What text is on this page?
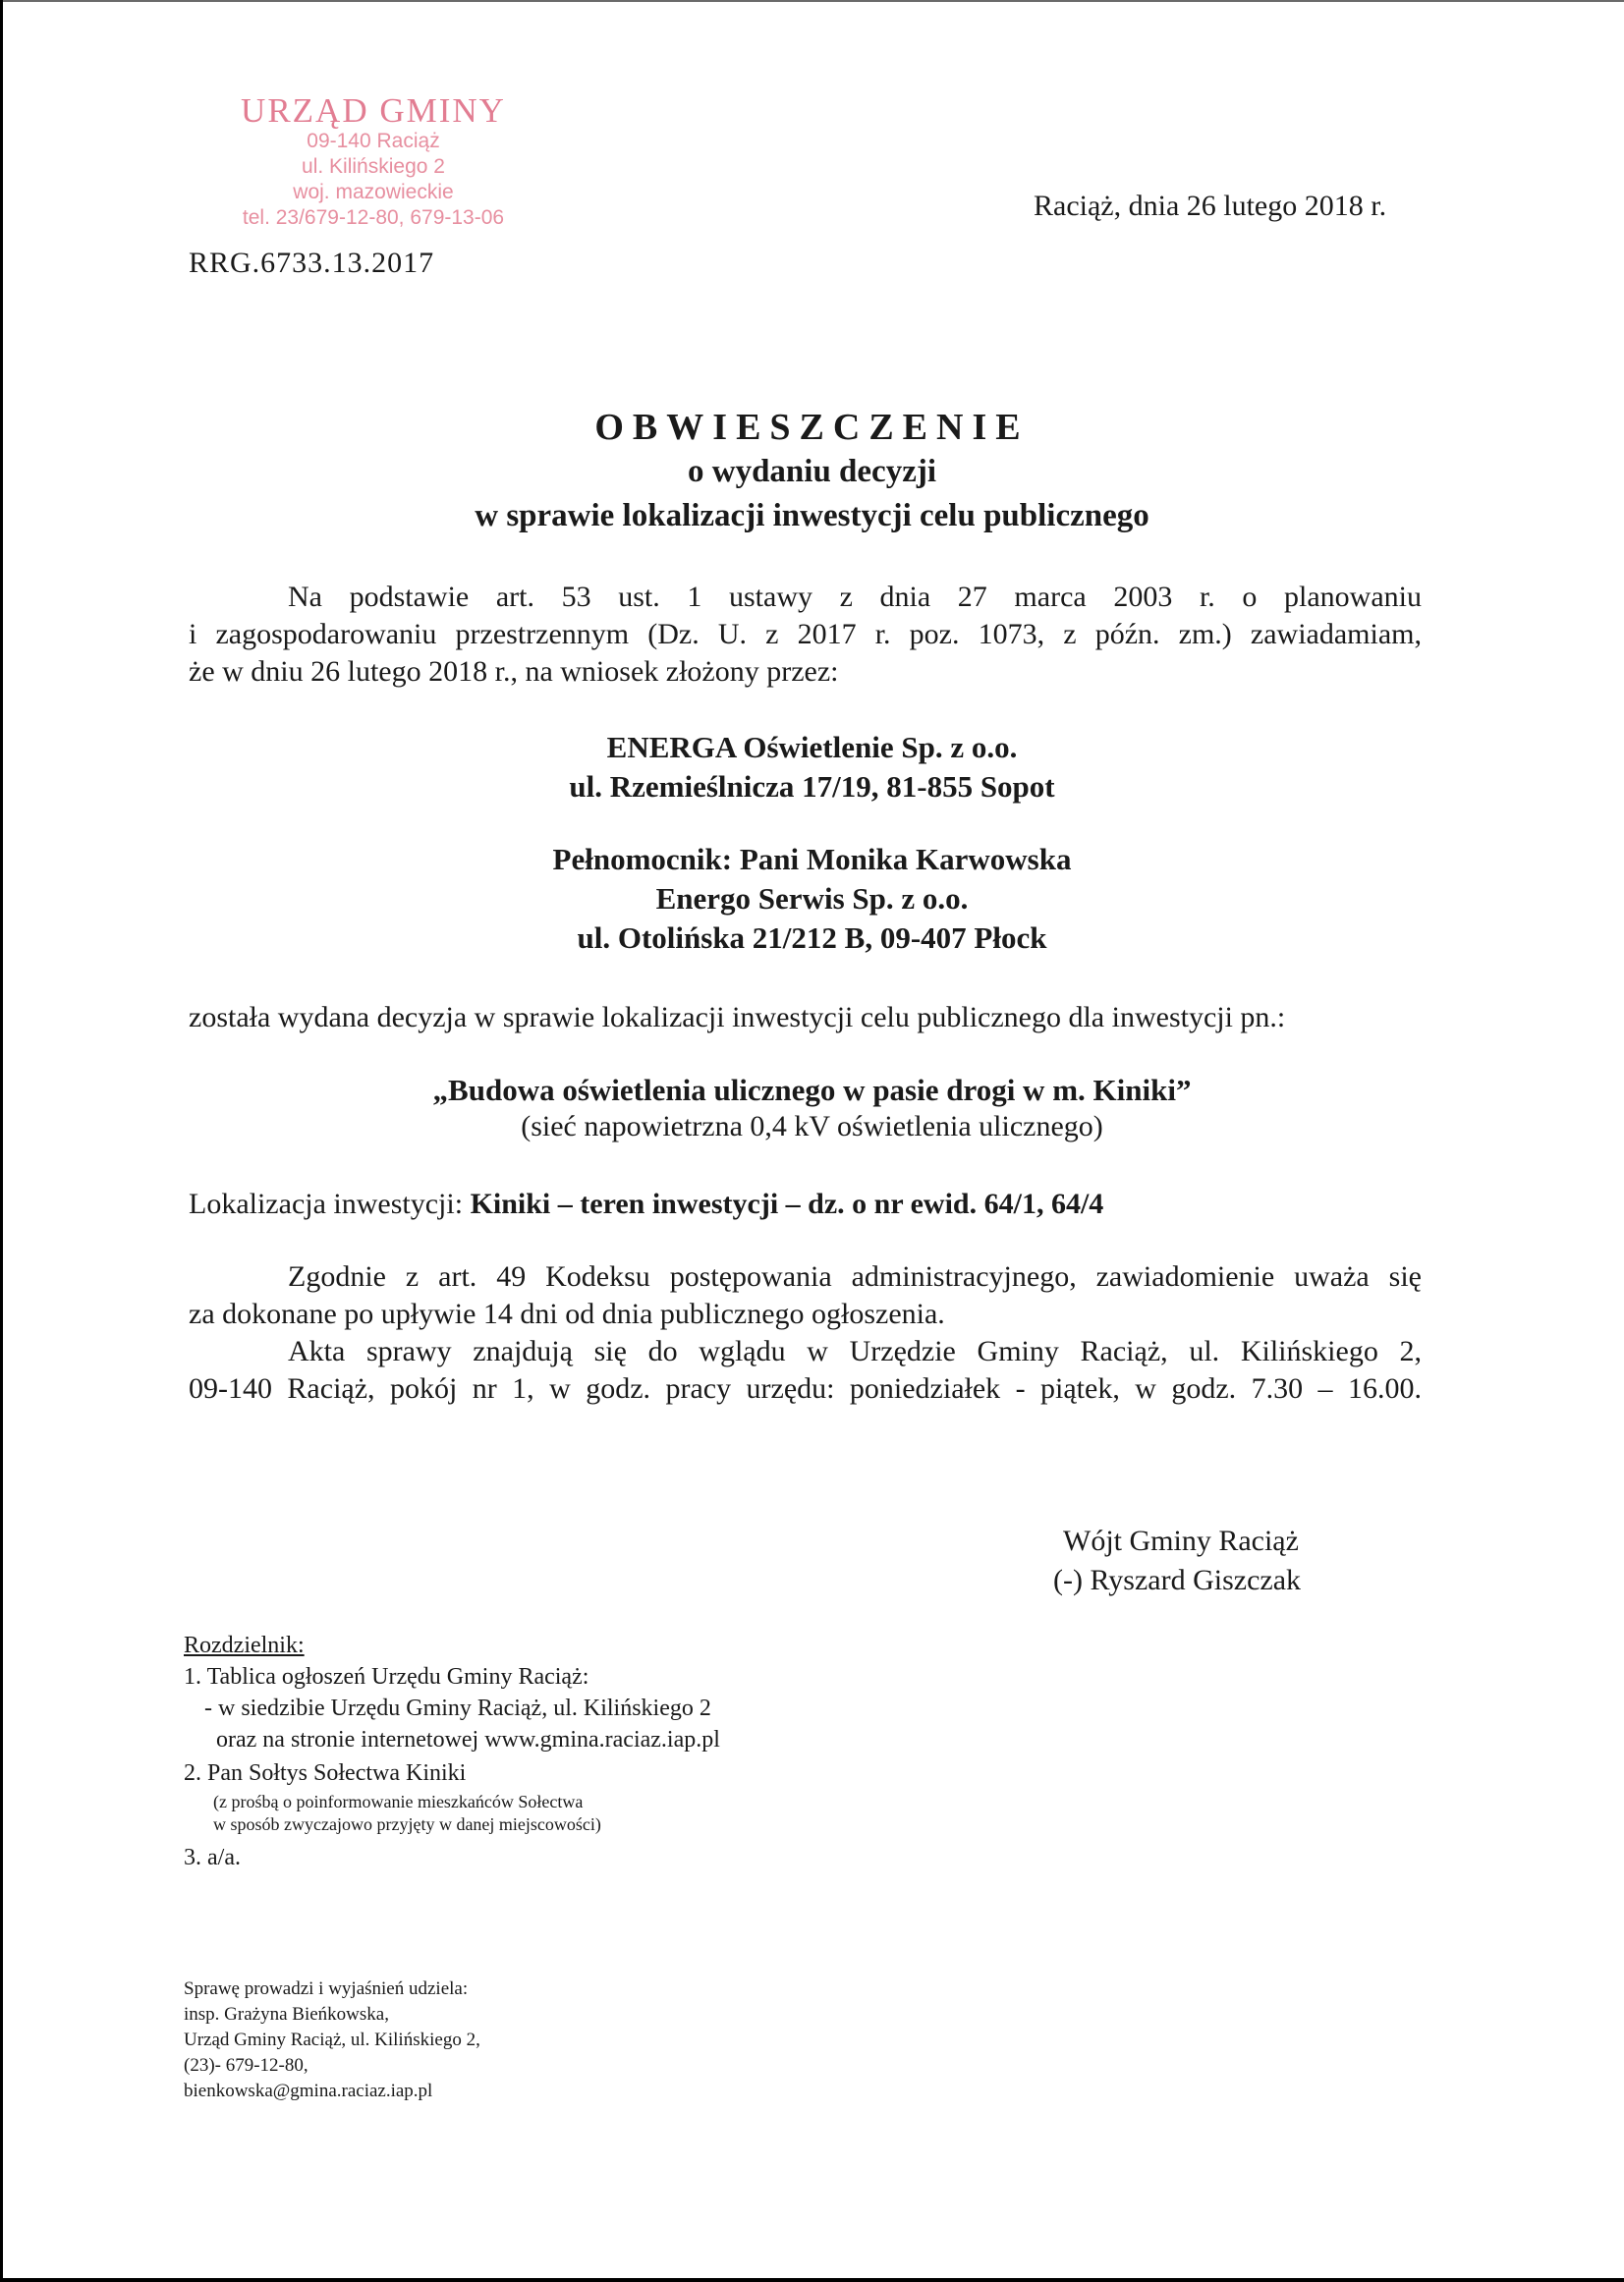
URZĄD GMINY
09-140 Raciąż
ul. Kilińskiego 2
woj. mazowieckie
tel. 23/679-12-80, 679-13-06	Raciąż, dnia 26 lutego 2018 r.
RRG.6733.13.2017
OBWIESZCZENIE
o wydaniu decyzji
w sprawie lokalizacji inwestycji celu publicznego
Na podstawie art. 53 ust. 1 ustawy z dnia 27 marca 2003 r. o planowaniu
i zagospodarowaniu przestrzennym (Dz. U. z 2017 r. poz. 1073, z późn. zm.) zawiadamiam,
że w dniu 26 lutego 2018 r., na wniosek złożony przez:
ENERGA Oświetlenie Sp. z o.o.
ul. Rzemieślnicza 17/19, 81-855 Sopot
Pełnomocnik: Pani Monika Karwowska
Energo Serwis Sp. z o.o.
ul. Otolińska 21/212 B, 09-407 Płock
została wydana decyzja w sprawie lokalizacji inwestycji celu publicznego dla inwestycji pn.:
„Budowa oświetlenia ulicznego w pasie drogi w m. Kiniki”
(sieć napowietrzna 0,4 kV oświetlenia ulicznego)
Lokalizacja inwestycji: Kiniki – teren inwestycji – dz. o nr ewid. 64/1, 64/4
Zgodnie z art. 49 Kodeksu postępowania administracyjnego, zawiadomienie uważa się
za dokonane po upływie 14 dni od dnia publicznego ogłoszenia.
Akta sprawy znajdują się do wglądu w Urzędzie Gminy Raciąż, ul. Kilińskiego 2,
09-140 Raciąż, pokój nr 1, w godz. pracy urzędu: poniedziałek - piątek, w godz. 7.30 – 16.00.
Wójt Gminy Raciąż
(-) Ryszard Giszczak
Rozdzielnik:
1. Tablica ogłoszeń Urzędu Gminy Raciąż:
- w siedzibie Urzędu Gminy Raciąż, ul. Kilińskiego 2
oraz na stronie internetowej www.gmina.raciaz.iap.pl
2. Pan Sołtys Sołectwa Kiniki
(z prośbą o poinformowanie mieszkańców Sołectwa
w sposób zwyczajowo przyjęty w danej miejscowości)
3. a/a.
Sprawę prowadzi i wyjaśnień udziela:
insp. Grażyna Bieńkowska,
Urząd Gminy Raciąż, ul. Kilińskiego 2,
(23)- 679-12-80,
bienkowska@gmina.raciaz.iap.pl
